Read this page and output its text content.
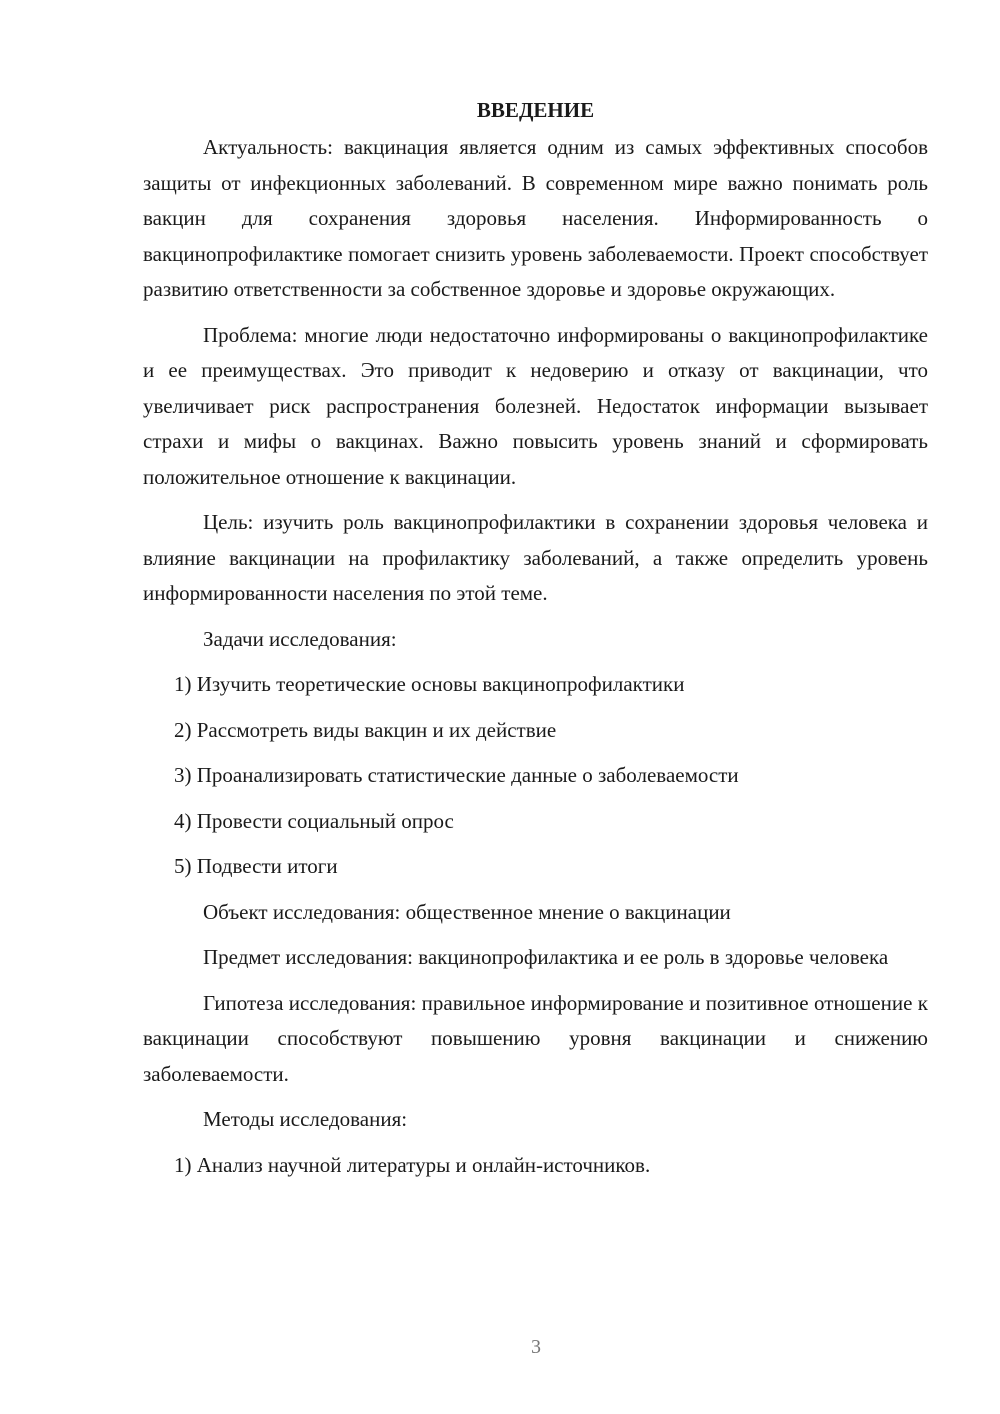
ВВЕДЕНИЕ
Актуальность: вакцинация является одним из самых эффективных способов защиты от инфекционных заболеваний. В современном мире важно понимать роль вакцин для сохранения здоровья населения. Информированность о вакцинопрофилактике помогает снизить уровень заболеваемости. Проект способствует развитию ответственности за собственное здоровье и здоровье окружающих.
Проблема: многие люди недостаточно информированы о вакцинопрофилактике и ее преимуществах. Это приводит к недоверию и отказу от вакцинации, что увеличивает риск распространения болезней. Недостаток информации вызывает страхи и мифы о вакцинах. Важно повысить уровень знаний и сформировать положительное отношение к вакцинации.
Цель: изучить роль вакцинопрофилактики в сохранении здоровья человека и влияние вакцинации на профилактику заболеваний, а также определить уровень информированности населения по этой теме.
Задачи исследования:
1) Изучить теоретические основы вакцинопрофилактики
2) Рассмотреть виды вакцин и их действие
3) Проанализировать статистические данные о заболеваемости
4) Провести социальный опрос
5) Подвести итоги
Объект исследования: общественное мнение о вакцинации
Предмет исследования: вакцинопрофилактика и ее роль в здоровье человека
Гипотеза исследования: правильное информирование и позитивное отношение к вакцинации способствуют повышению уровня вакцинации и снижению заболеваемости.
Методы исследования:
1) Анализ научной литературы и онлайн-источников.
3
